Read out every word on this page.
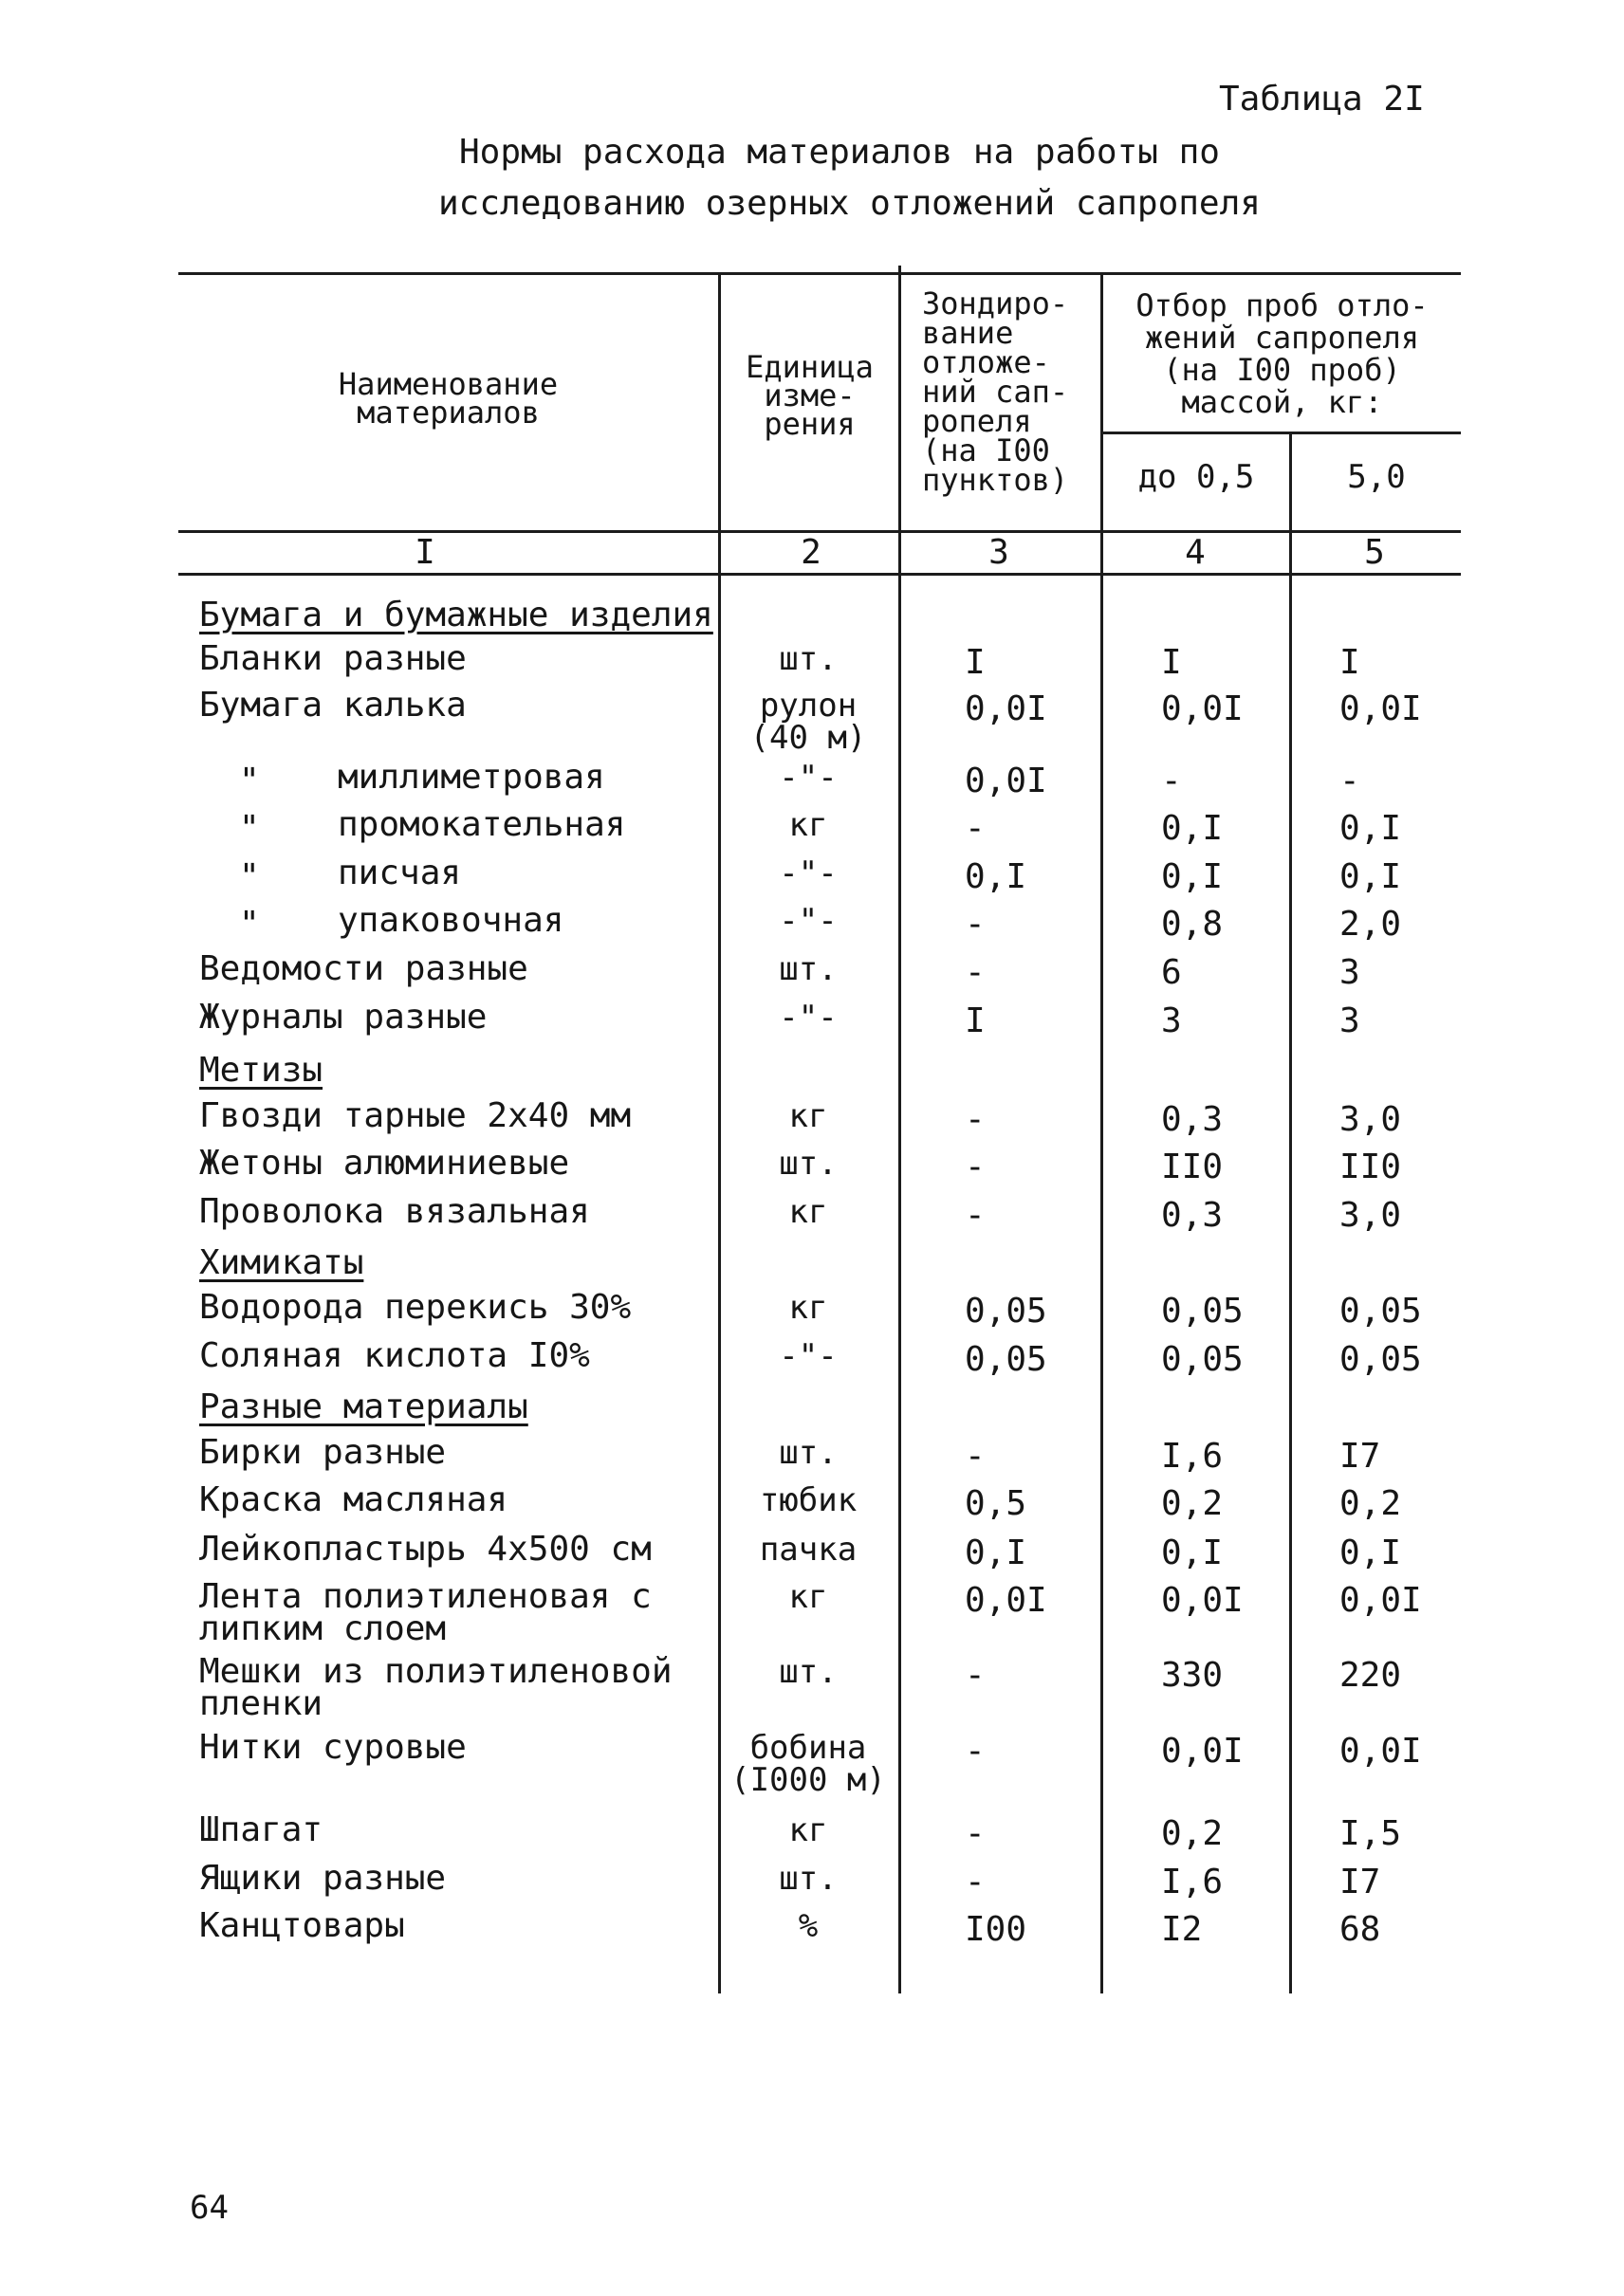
Таблица 2I
Нормы расхода материалов на работы по
исследованию озерных отложений сапропеля
Наименование
материалов
Единица
изме-
рения
Зондиро-
вание
отложе-
ний сап-
ропеля
(на I00
пунктов)
Отбор проб отло-
жений сапропеля
(на I00 проб)
массой, кг:
до 0,5	5,0
I	2	3	4	5
Бумага и бумажные изделия
Бланки разные	шт.	I	I	I
Бумага калька	рулон
(40 м)
0,0I	0,0I	0,0I
" миллиметровая	-"-	0,0I	-	-
" промокательная	кг	-	0,I	0,I
" писчая	-"-	0,I	0,I	0,I
" упаковочная	-"-	-	0,8	2,0
Ведомости разные	шт.	-	6	3
Журналы разные	-"-	I	3	3
Метизы
Гвозди тарные 2х40 мм	кг	-	0,3	3,0
Жетоны алюминиевые	шт.	-	II0	II0
Проволока вязальная	кг	-	0,3	3,0
Химикаты
Водорода перекись 30%	кг	0,05	0,05	0,05
Соляная кислота I0%	-"-	0,05	0,05	0,05
Разные материалы
Бирки разные	шт.	-	I,6	I7
Краска масляная	тюбик	0,5	0,2	0,2
Лейкопластырь 4х500 см	пачка	0,I	0,I	0,I
Лента полиэтиленовая с
липким слоем
кг	0,0I	0,0I	0,0I
Мешки из полиэтиленовой
пленки
шт.	-	330	220
Нитки суровые	бобина
(I000 м)
-	0,0I	0,0I
Шпагат	кг	-	0,2	I,5
Ящики разные	шт.	-	I,6	I7
Канцтовары	%	I00	I2	68
64
